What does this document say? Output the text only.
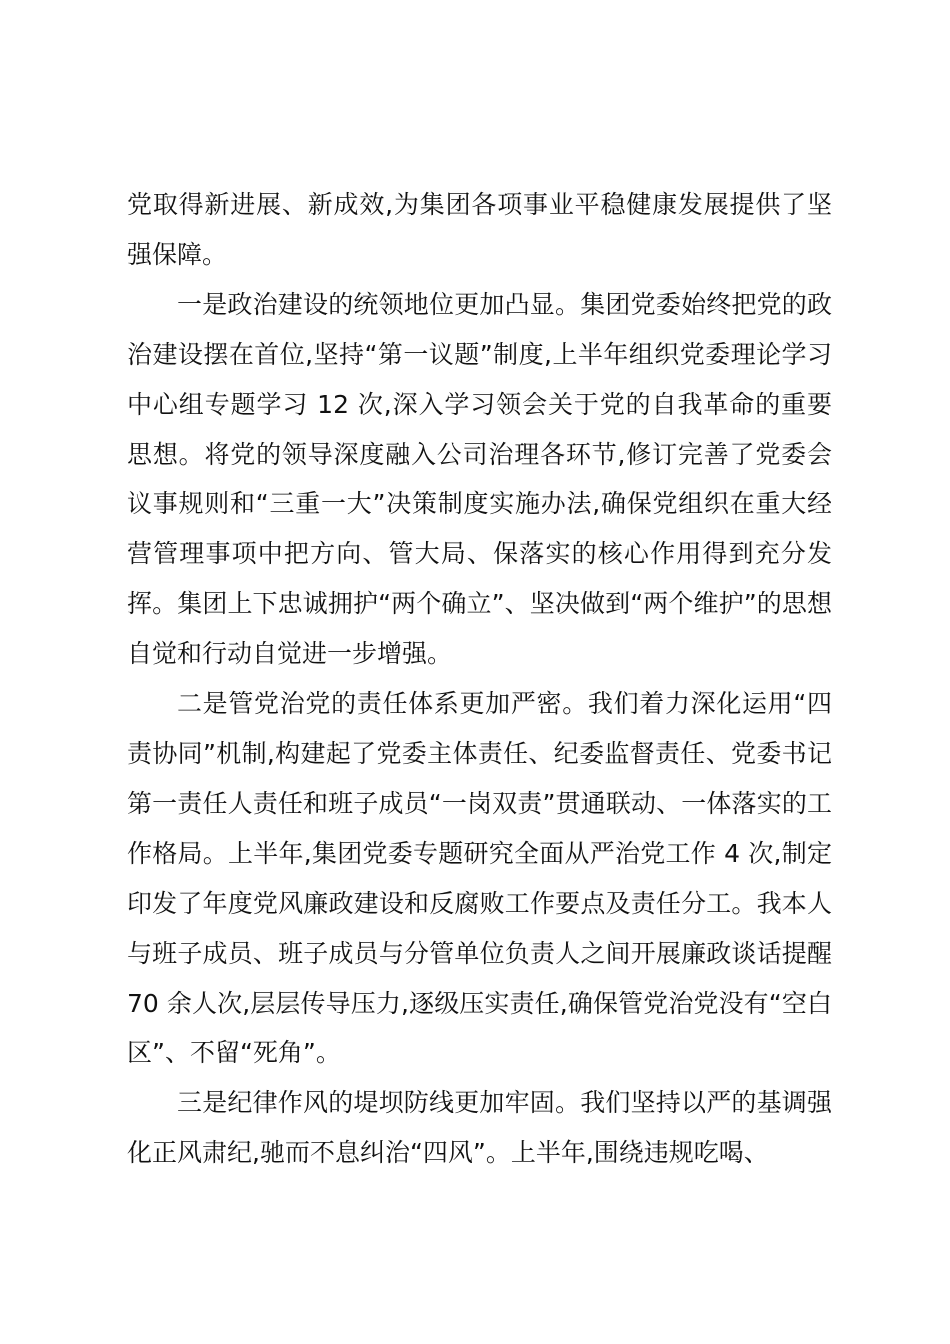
党取得新进展、新成效,为集团各项事业平稳健康发展提供了坚强保障。

一是政治建设的统领地位更加凸显。集团党委始终把党的政治建设摆在首位,坚持“第一议题”制度,上半年组织党委理论学习中心组专题学习 12 次,深入学习领会关于党的自我革命的重要思想。将党的领导深度融入公司治理各环节,修订完善了党委会议事规则和“三重一大”决策制度实施办法,确保党组织在重大经营管理事项中把方向、管大局、保落实的核心作用得到充分发挥。集团上下忠诚拥护“两个确立”、坚决做到“两个维护”的思想自觉和行动自觉进一步增强。

二是管党治党的责任体系更加严密。我们着力深化运用“四责协同”机制,构建起了党委主体责任、纪委监督责任、党委书记第一责任人责任和班子成员“一岗双责”贯通联动、一体落实的工作格局。上半年,集团党委专题研究全面从严治党工作 4 次,制定印发了年度党风廉政建设和反腐败工作要点及责任分工。我本人与班子成员、班子成员与分管单位负责人之间开展廉政谈话提醒 70 余人次,层层传导压力,逐级压实责任,确保管党治党没有“空白区”、不留“死角”。

三是纪律作风的堤坝防线更加牢固。我们坚持以严的基调强化正风肃纪,驰而不息纠治“四风”。上半年,围绕违规吃喝、
